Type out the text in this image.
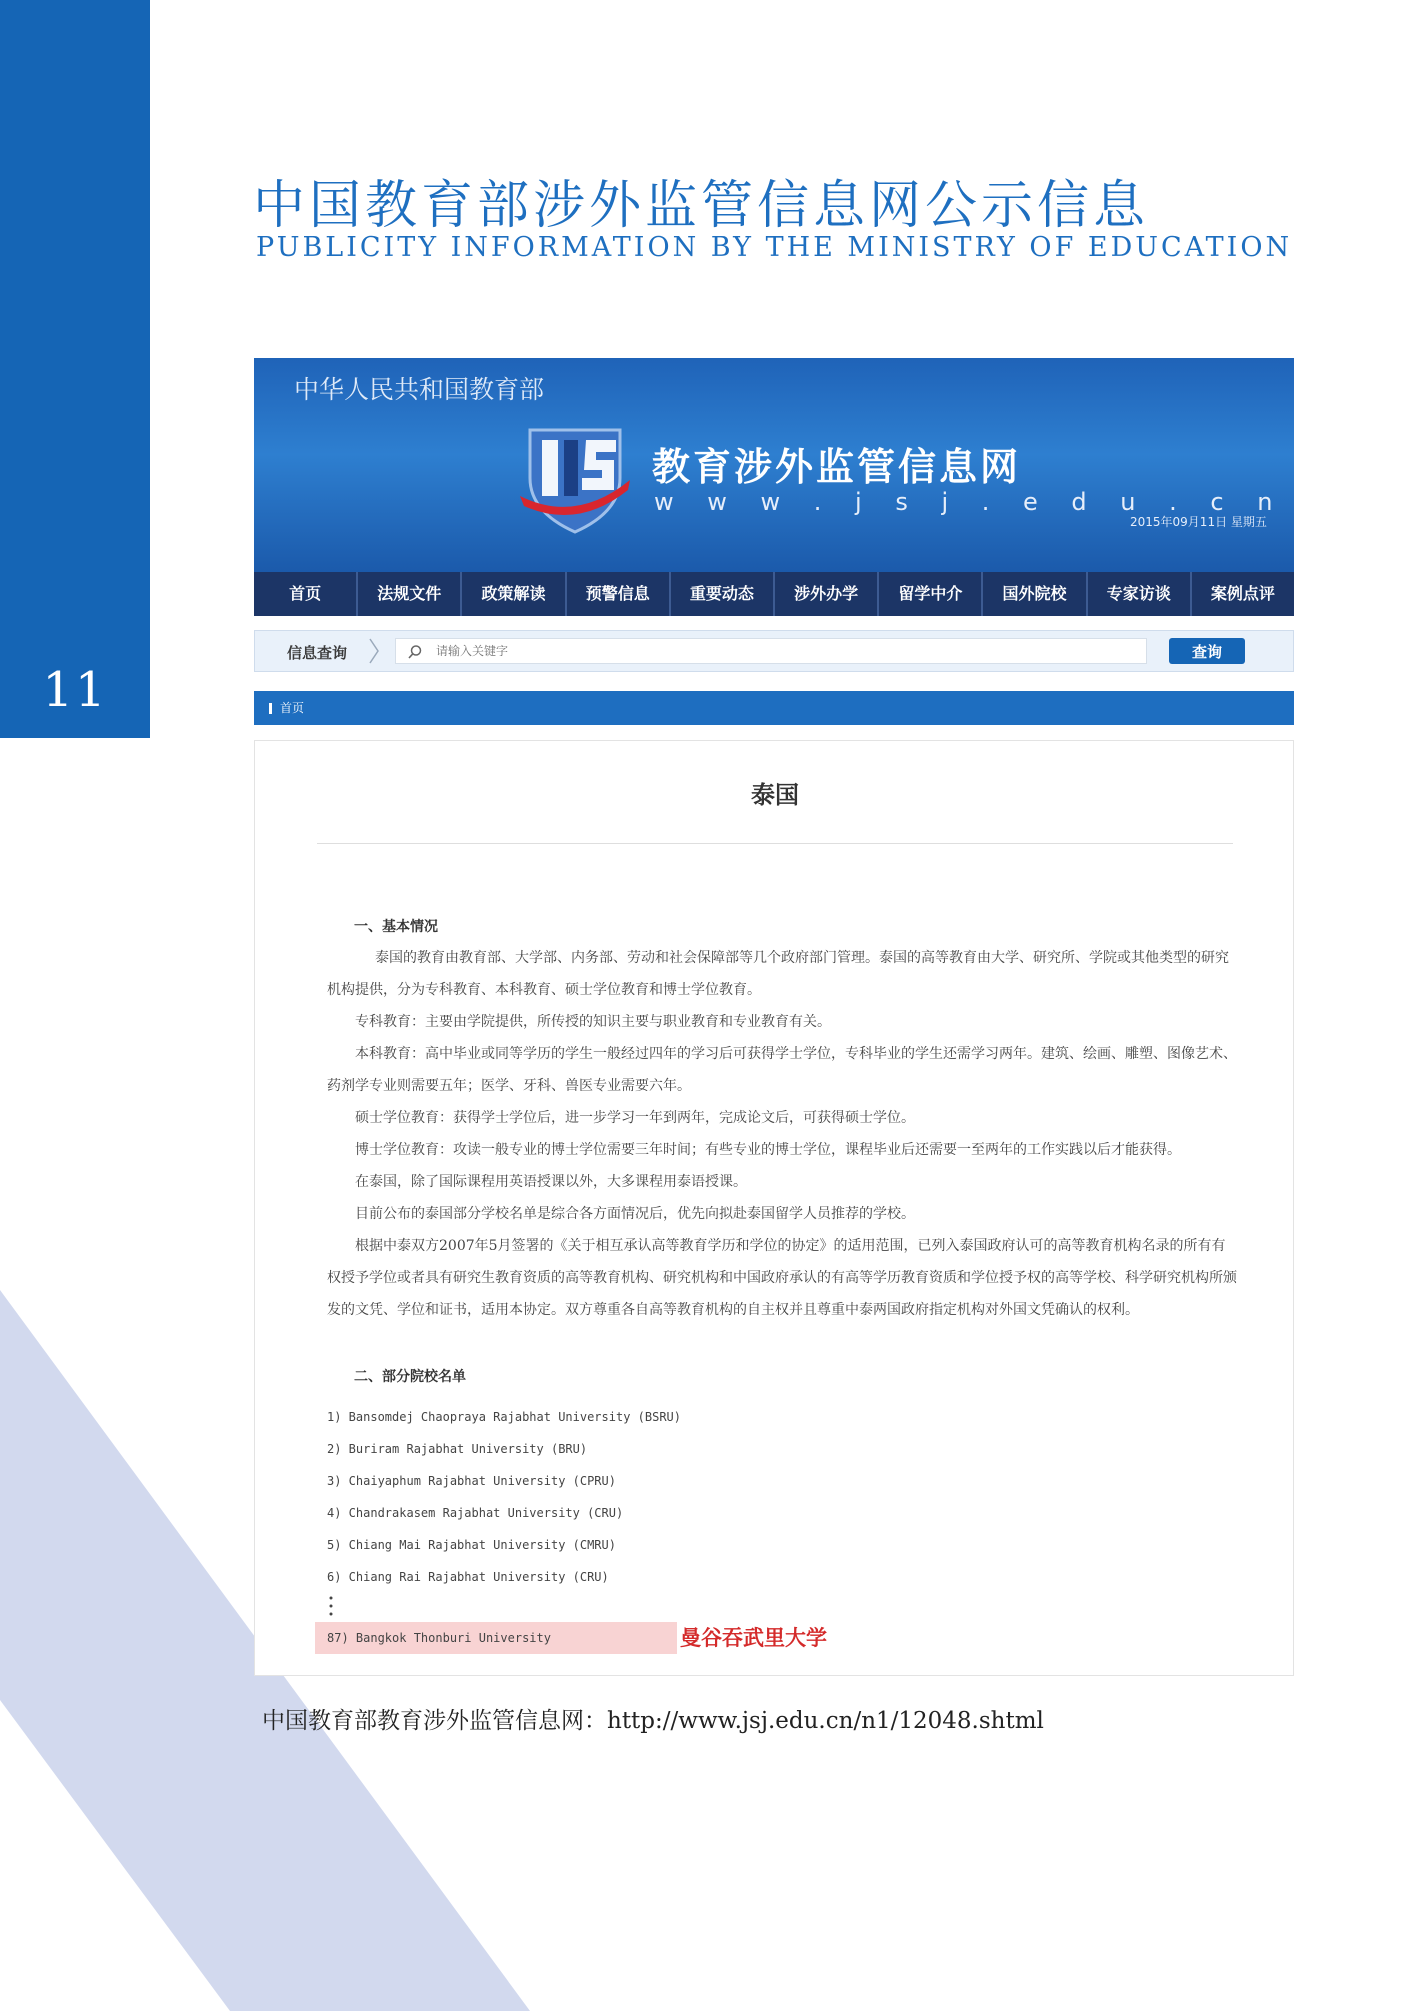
11
中国教育部涉外监管信息网公示信息
PUBLICITY INFORMATION BY THE MINISTRY OF EDUCATION
中华人民共和国教育部
教育涉外监管信息网
w w w . j s j . e d u . c n
2015年09月11日 星期五
首页	法规文件	政策解读	预警信息	重要动态	涉外办学	留学中介	国外院校	专家访谈	案例点评
信息查询
请输入关键字	查询
首页
泰国
一、基本情况
泰国的教育由教育部、大学部、内务部、劳动和社会保障部等几个政府部门管理。泰国的高等教育由大学、研究所、学院或其他类型的研究机构提供，分为专科教育、本科教育、硕士学位教育和博士学位教育。
专科教育：主要由学院提供，所传授的知识主要与职业教育和专业教育有关。
本科教育：高中毕业或同等学历的学生一般经过四年的学习后可获得学士学位，专科毕业的学生还需学习两年。建筑、绘画、雕塑、图像艺术、药剂学专业则需要五年；医学、牙科、兽医专业需要六年。
硕士学位教育：获得学士学位后，进一步学习一年到两年，完成论文后，可获得硕士学位。
博士学位教育：攻读一般专业的博士学位需要三年时间；有些专业的博士学位，课程毕业后还需要一至两年的工作实践以后才能获得。
在泰国，除了国际课程用英语授课以外，大多课程用泰语授课。
目前公布的泰国部分学校名单是综合各方面情况后，优先向拟赴泰国留学人员推荐的学校。
根据中泰双方2007年5月签署的《关于相互承认高等教育学历和学位的协定》的适用范围，已列入泰国政府认可的高等教育机构名录的所有有权授予学位或者具有研究生教育资质的高等教育机构、研究机构和中国政府承认的有高等学历教育资质和学位授予权的高等学校、科学研究机构所颁发的文凭、学位和证书，适用本协定。双方尊重各自高等教育机构的自主权并且尊重中泰两国政府指定机构对外国文凭确认的权利。
二、部分院校名单
1) Bansomdej Chaopraya Rajabhat University (BSRU)
2) Buriram Rajabhat University (BRU)
3) Chaiyaphum Rajabhat University (CPRU)
4) Chandrakasem Rajabhat University (CRU)
5) Chiang Mai Rajabhat University (CMRU)
6) Chiang Rai Rajabhat University (CRU)
87) Bangkok Thonburi University	曼谷吞武里大学
中国教育部教育涉外监管信息网：http://www.jsj.edu.cn/n1/12048.shtml
